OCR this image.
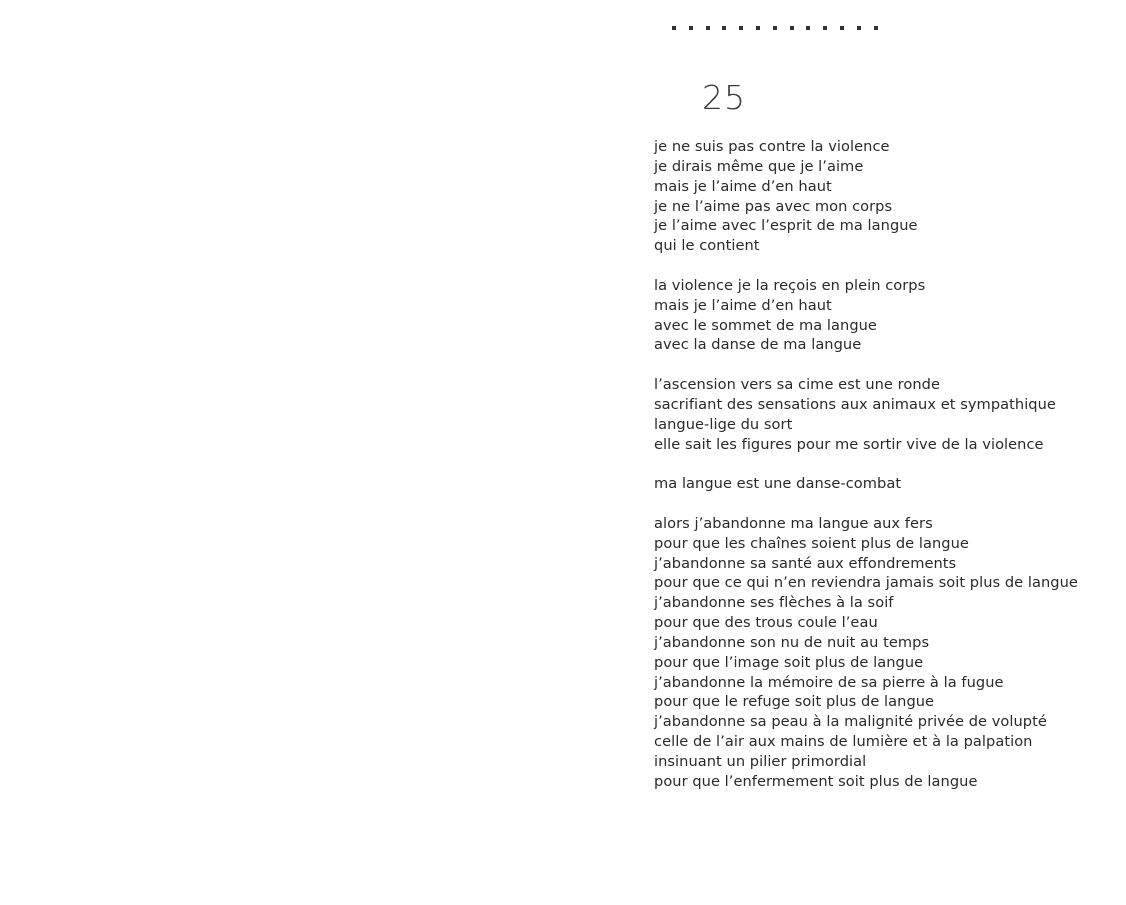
25
je ne suis pas contre la violence
je dirais même que je l’aime
mais je l’aime d’en haut
je ne l’aime pas avec mon corps
je l’aime avec l’esprit de ma langue
qui le contient
la violence je la reçois en plein corps
mais je l’aime d’en haut
avec le sommet de ma langue
avec la danse de ma langue
l’ascension vers sa cime est une ronde
sacrifiant des sensations aux animaux et sympathique
langue-lige du sort
elle sait les figures pour me sortir vive de la violence
ma langue est une danse-combat
alors j’abandonne ma langue aux fers
pour que les chaînes soient plus de langue
j’abandonne sa santé aux effondrements
pour que ce qui n’en reviendra jamais soit plus de langue
j’abandonne ses flèches à la soif
pour que des trous coule l’eau
j’abandonne son nu de nuit au temps
pour que l’image soit plus de langue
j’abandonne la mémoire de sa pierre à la fugue
pour que le refuge soit plus de langue
j’abandonne sa peau à la malignité privée de volupté
celle de l’air aux mains de lumière et à la palpation
insinuant un pilier primordial
pour que l’enfermement soit plus de langue
